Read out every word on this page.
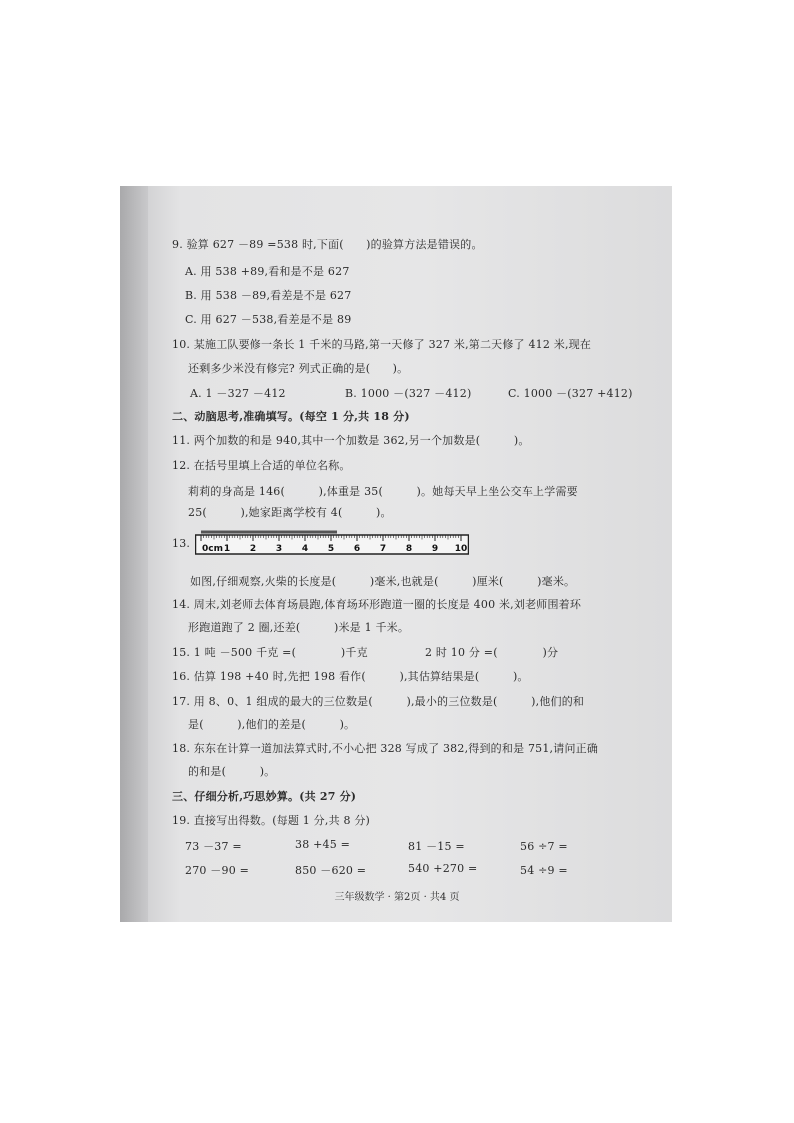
9. 验算 627 －89 =538 时,下面(　　)的验算方法是错误的。
A. 用 538 +89,看和是不是 627
B. 用 538 －89,看差是不是 627
C. 用 627 －538,看差是不是 89
10. 某施工队要修一条长 1 千米的马路,第一天修了 327 米,第二天修了 412 米,现在
还剩多少米没有修完? 列式正确的是(　　)。
A. 1 －327 －412	B. 1000 －(327 －412)	C. 1000 －(327 +412)
二、动脑思考,准确填写。(每空 1 分,共 18 分)
11. 两个加数的和是 940,其中一个加数是 362,另一个加数是(　　　)。
12. 在括号里填上合适的单位名称。
莉莉的身高是 146(　　　),体重是 35(　　　)。她每天早上坐公交车上学需要
25(　　　),她家距离学校有 4(　　　)。
13. 0cm 1 2 3 4 5 6 7 8 9 10
如图,仔细观察,火柴的长度是(　　　)毫米,也就是(　　　)厘米(　　　)毫米。
14. 周末,刘老师去体育场晨跑,体育场环形跑道一圈的长度是 400 米,刘老师围着环
形跑道跑了 2 圈,还差(　　　)米是 1 千米。
15. 1 吨 －500 千克 =(　　　　)千克	2 时 10 分 =(　　　　)分
16. 估算 198 +40 时,先把 198 看作(　　　),其估算结果是(　　　)。
17. 用 8、0、1 组成的最大的三位数是(　　　),最小的三位数是(　　　),他们的和
是(　　　),他们的差是(　　　)。
18. 东东在计算一道加法算式时,不小心把 328 写成了 382,得到的和是 751,请问正确
的和是(　　　)。
三、仔细分析,巧思妙算。(共 27 分)
19. 直接写出得数。(每题 1 分,共 8 分)
73 －37 =	38 +45 =	81 －15 =	56 ÷7 =
270 －90 =	850 －620 =	540 +270 =	54 ÷9 =
三年级数学 · 第2页 · 共4 页
